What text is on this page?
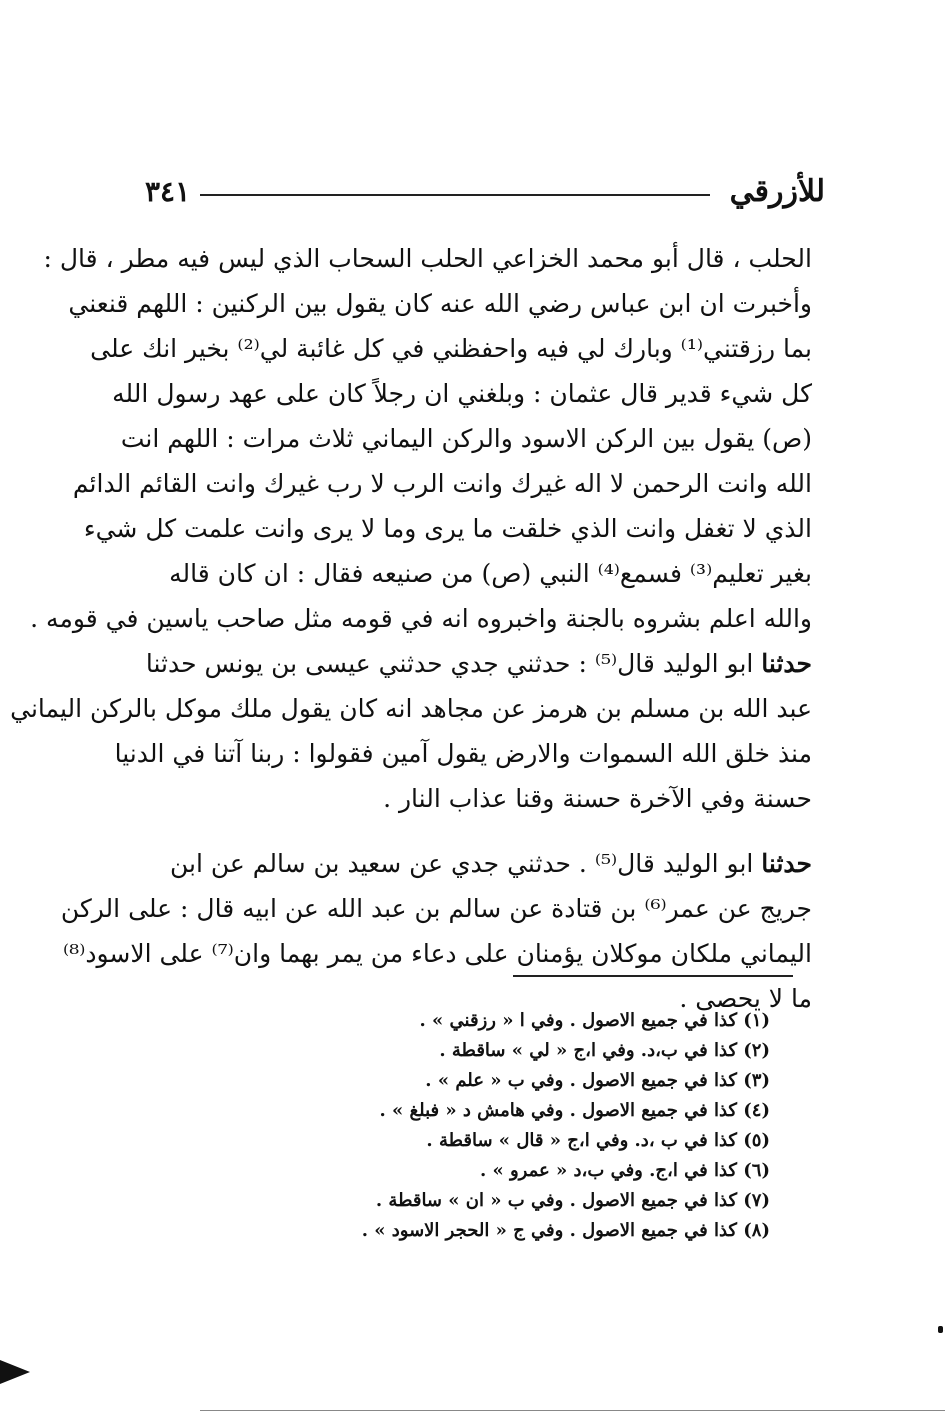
للأزرقي
٣٤١
الحلب ، قال أبو محمد الخزاعي الحلب السحاب الذي ليس فيه مطر ، قال :
وأخبرت ان ابن عباس رضي الله عنه كان يقول بين الركنين : اللهم قنعني
بما رزقتني⁽¹⁾ وبارك لي فيه واحفظني في كل غائبة لي⁽²⁾ بخير انك على
كل شيء قدير قال عثمان : وبلغني ان رجلاً كان على عهد رسول الله
(ص) يقول بين الركن الاسود والركن اليماني ثلاث مرات : اللهم انت
الله وانت الرحمن لا اله غيرك وانت الرب لا رب غيرك وانت القائم الدائم
الذي لا تغفل وانت الذي خلقت ما يرى وما لا يرى وانت علمت كل شيء
بغير تعليم⁽³⁾ فسمع⁽⁴⁾ النبي (ص) من صنيعه فقال : ان كان قاله
والله اعلم بشروه بالجنة واخبروه انه في قومه مثل صاحب ياسين في قومه .
حدثنا ابو الوليد قال⁽⁵⁾ : حدثني جدي حدثني عيسى بن يونس حدثنا
عبد الله بن مسلم بن هرمز عن مجاهد انه كان يقول ملك موكل بالركن اليماني
منذ خلق الله السموات والارض يقول آمين فقولوا : ربنا آتنا في الدنيا
حسنة وفي الآخرة حسنة وقنا عذاب النار .
حدثنا ابو الوليد قال⁽⁵⁾ . حدثني جدي عن سعيد بن سالم عن ابن
جريج عن عمر⁽⁶⁾ بن قتادة عن سالم بن عبد الله عن ابيه قال : على الركن
اليماني ملكان موكلان يؤمنان على دعاء من يمر بهما وان⁽⁷⁾ على الاسود⁽⁸⁾
ما لا يحصى .
(١) كذا في جميع الاصول . وفي ا « رزقني » .
(٢) كذا في ب،د. وفي ا،ج « لي » ساقطة .
(٣) كذا في جميع الاصول . وفي ب « علم » .
(٤) كذا في جميع الاصول . وفي هامش د « فبلغ » .
(٥) كذا في ب ،د. وفي ا،ج « قال » ساقطة .
(٦) كذا في ا،ج. وفي ب،د « عمرو » .
(٧) كذا في جميع الاصول . وفي ب « ان » ساقطة .
(٨) كذا في جميع الاصول . وفي ج « الحجر الاسود » .
